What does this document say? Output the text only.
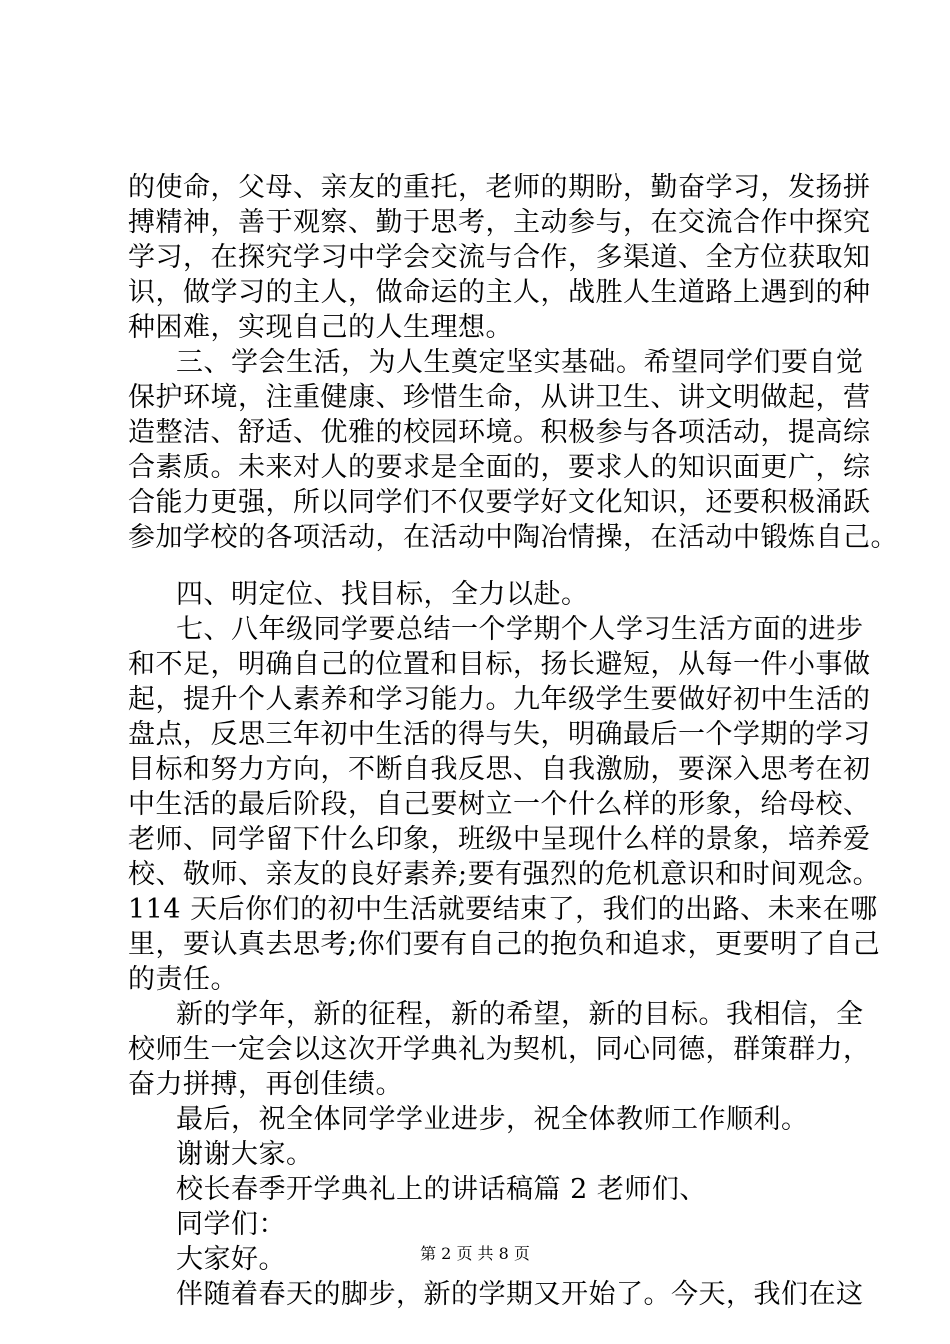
的使命，父母、亲友的重托，老师的期盼，勤奋学习，发扬拼
搏精神，善于观察、勤于思考，主动参与，在交流合作中探究
学习，在探究学习中学会交流与合作，多渠道、全方位获取知
识，做学习的主人，做命运的主人，战胜人生道路上遇到的种
种困难，实现自己的人生理想。
三、学会生活，为人生奠定坚实基础。希望同学们要自觉
保护环境，注重健康、珍惜生命，从讲卫生、讲文明做起，营
造整洁、舒适、优雅的校园环境。积极参与各项活动，提高综
合素质。未来对人的要求是全面的，要求人的知识面更广，综
合能力更强，所以同学们不仅要学好文化知识，还要积极涌跃
参加学校的各项活动，在活动中陶冶情操，在活动中锻炼自己。
四、明定位、找目标，全力以赴。
七、八年级同学要总结一个学期个人学习生活方面的进步
和不足，明确自己的位置和目标，扬长避短，从每一件小事做
起，提升个人素养和学习能力。九年级学生要做好初中生活的
盘点，反思三年初中生活的得与失，明确最后一个学期的学习
目标和努力方向，不断自我反思、自我激励，要深入思考在初
中生活的最后阶段，自己要树立一个什么样的形象，给母校、
老师、同学留下什么印象，班级中呈现什么样的景象，培养爱
校、敬师、亲友的良好素养;要有强烈的危机意识和时间观念。
114 天后你们的初中生活就要结束了，我们的出路、未来在哪
里，要认真去思考;你们要有自己的抱负和追求，更要明了自己
的责任。
新的学年，新的征程，新的希望，新的目标。我相信，全
校师生一定会以这次开学典礼为契机，同心同德，群策群力，
奋力拼搏，再创佳绩。
最后，祝全体同学学业进步，祝全体教师工作顺利。
谢谢大家。
校长春季开学典礼上的讲话稿篇 2 老师们、
同学们：
大家好。
伴随着春天的脚步，新的学期又开始了。今天，我们在这
第 2 页 共 8 页
